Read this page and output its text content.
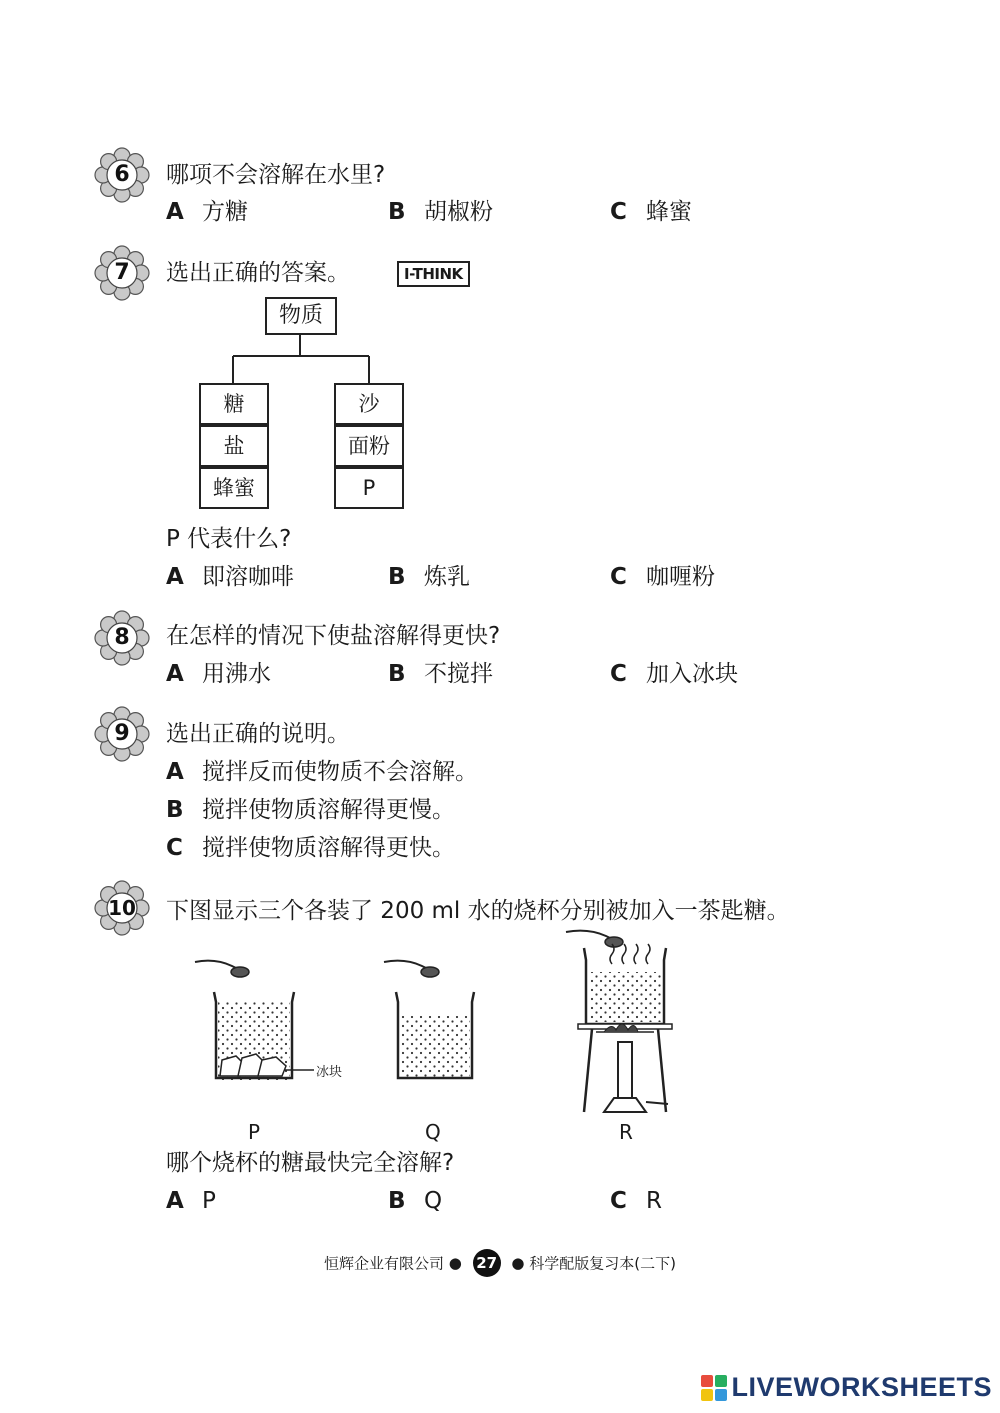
6	哪项不会溶解在水里?
A 方糖	B 胡椒粉	C 蜂蜜
7	选出正确的答案。	I-THINK
物质
糖
盐
蜂蜜
沙
面粉
P
P 代表什么?
A 即溶咖啡	B 炼乳	C 咖喱粉
8	在怎样的情况下使盐溶解得更快?
A 用沸水	B 不搅拌	C 加入冰块
9	选出正确的说明。
A 搅拌反而使物质不会溶解。
B 搅拌使物质溶解得更慢。
C 搅拌使物质溶解得更快。
10	下图显示三个各装了 200 ml 水的烧杯分别被加入一茶匙糖。
冰块
P	Q	R
哪个烧杯的糖最快完全溶解?
A P	B Q	C R
恒辉企业有限公司 ● 27 ● 科学配版复习本(二下)
LIVEWORKSHEETS
